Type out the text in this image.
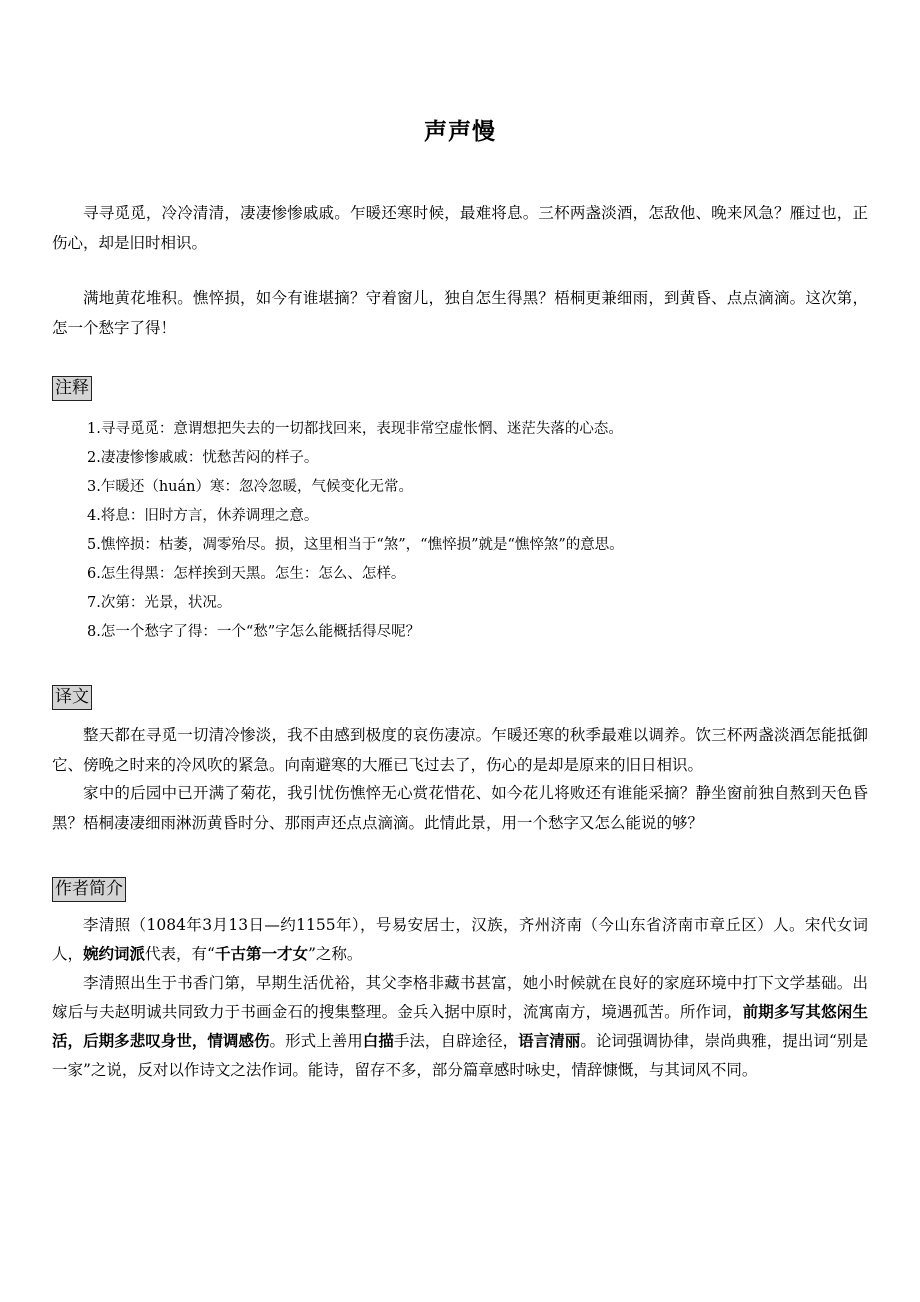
声声慢

寻寻觅觅，冷冷清清，凄凄惨惨戚戚。乍暖还寒时候，最难将息。三杯两盏淡酒，怎敌他、晚来风急？雁过也，正伤心，却是旧时相识。

满地黄花堆积。憔悴损，如今有谁堪摘？守着窗儿，独自怎生得黑？梧桐更兼细雨，到黄昏、点点滴滴。这次第，怎一个愁字了得！

注释
1.寻寻觅觅：意谓想把失去的一切都找回来，表现非常空虚怅惘、迷茫失落的心态。
2.凄凄惨惨戚戚：忧愁苦闷的样子。
3.乍暖还（huán）寒：忽冷忽暖，气候变化无常。
4.将息：旧时方言，休养调理之意。
5.憔悴损：枯萎，凋零殆尽。损，这里相当于“煞”，“憔悴损”就是“憔悴煞”的意思。
6.怎生得黑：怎样挨到天黑。怎生：怎么、怎样。
7.次第：光景，状况。
8.怎一个愁字了得：一个“愁”字怎么能概括得尽呢？
译文

整天都在寻觅一切清冷惨淡，我不由感到极度的哀伤凄凉。乍暖还寒的秋季最难以调养。饮三杯两盏淡酒怎能抵御它、傍晚之时来的冷风吹的紧急。向南避寒的大雁已飞过去了，伤心的是却是原来的旧日相识。

家中的后园中已开满了菊花，我引忧伤憔悴无心赏花惜花、如今花儿将败还有谁能采摘？静坐窗前独自熬到天色昏黑？梧桐凄凄细雨淋沥黄昏时分、那雨声还点点滴滴。此情此景，用一个愁字又怎么能说的够？

作者简介

李清照（1084年3月13日—约1155年），号易安居士，汉族，齐州济南（今山东省济南市章丘区）人。宋代女词人，婉约词派代表，有“千古第一才女”之称。

李清照出生于书香门第，早期生活优裕，其父李格非藏书甚富，她小时候就在良好的家庭环境中打下文学基础。出嫁后与夫赵明诚共同致力于书画金石的搜集整理。金兵入据中原时，流寓南方，境遇孤苦。所作词，前期多写其悠闲生活，后期多悲叹身世，情调感伤。形式上善用白描手法，自辟途径，语言清丽。论词强调协律，崇尚典雅，提出词“别是一家”之说，反对以作诗文之法作词。能诗，留存不多，部分篇章感时咏史，情辞慷慨，与其词风不同。
